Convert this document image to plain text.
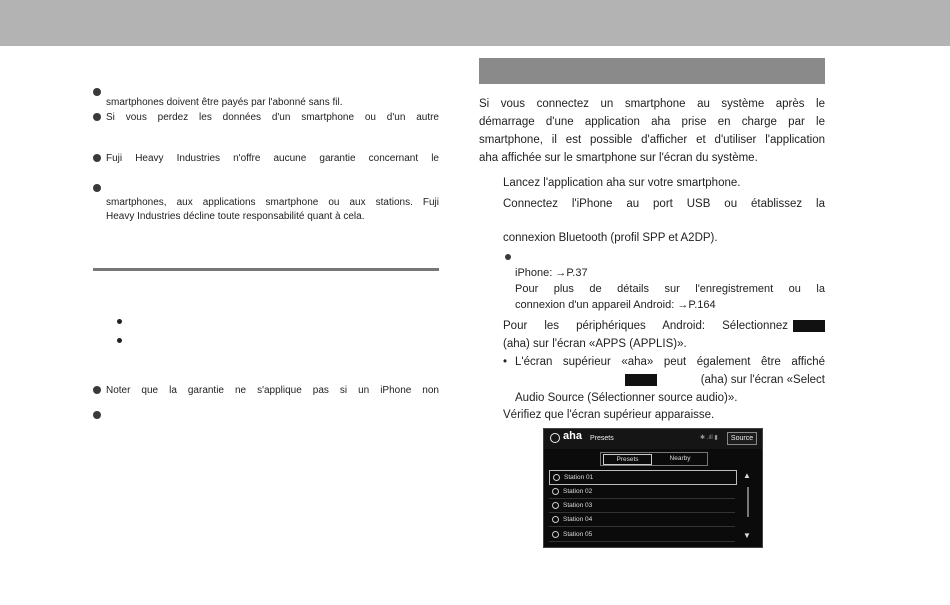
smartphones doivent être payés par l'abonné sans fil.

Si vous perdez les données d'un smartphone ou d'un autre

Fuji Heavy Industries n'offre aucune garantie concernant le

smartphones, aux applications smartphone ou aux stations. Fuji

Heavy Industries décline toute responsabilité quant à cela.

Noter que la garantie ne s'applique pas si un iPhone non

Si vous connectez un smartphone au système après le

démarrage d'une application aha prise en charge par le

smartphone, il est possible d'afficher et d'utiliser l'application

aha affichée sur le smartphone sur l'écran du système.

Lancez l'application aha sur votre smartphone.

Connectez l'iPhone au port USB ou établissez la

connexion Bluetooth (profil SPP et A2DP).

iPhone: →P.37

Pour plus de détails sur l'enregistrement ou la

connexion d'un appareil Android: →P.164

Pour les périphériques Android: Sélectionnez

(aha) sur l'écran «APPS (APPLIS)».

• L'écran supérieur «aha» peut également être affiché

(aha) sur l'écran «Select

Audio Source (Sélectionner source audio)».

Vérifiez que l'écran supérieur apparaisse.

aha Presets	✱ .ıll ▮	Source
Presets	Nearby
Station 01
Station 02
Station 03
Station 04
Station 05
▲
▼
